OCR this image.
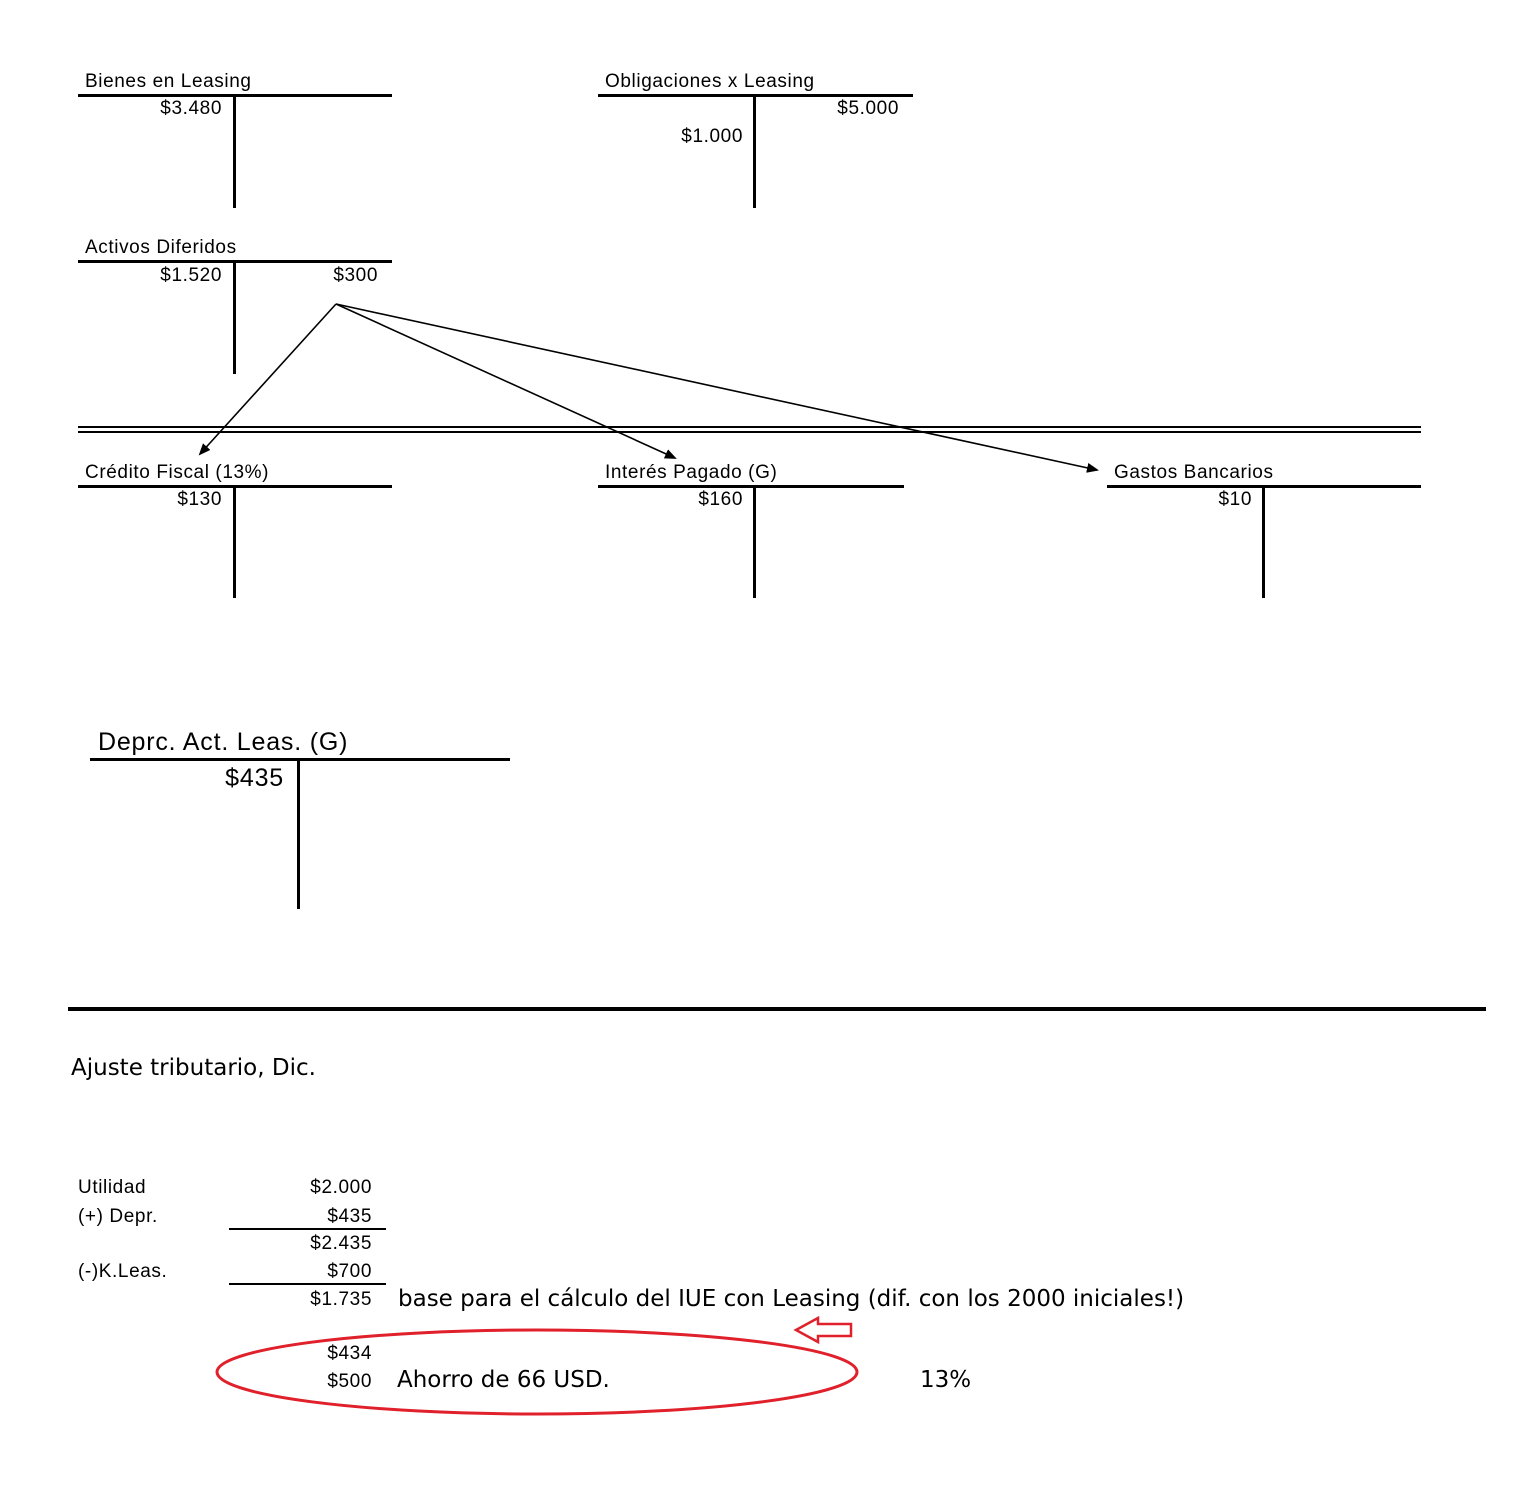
Bienes en Leasing
$3.480
Obligaciones x Leasing
$5.000
$1.000
Activos Diferidos
$1.520	$300
Crédito Fiscal (13%)
$130
Interés Pagado (G)
$160
Gastos Bancarios
$10
Deprc. Act. Leas. (G)
$435
Ajuste tributario, Dic.
Utilidad	$2.000
(+) Depr.	$435
$2.435
(-)K.Leas.	$700
$1.735 base para el cálculo del IUE con Leasing (dif. con los 2000 iniciales!)
$434
$500 Ahorro de 66 USD.	13%
